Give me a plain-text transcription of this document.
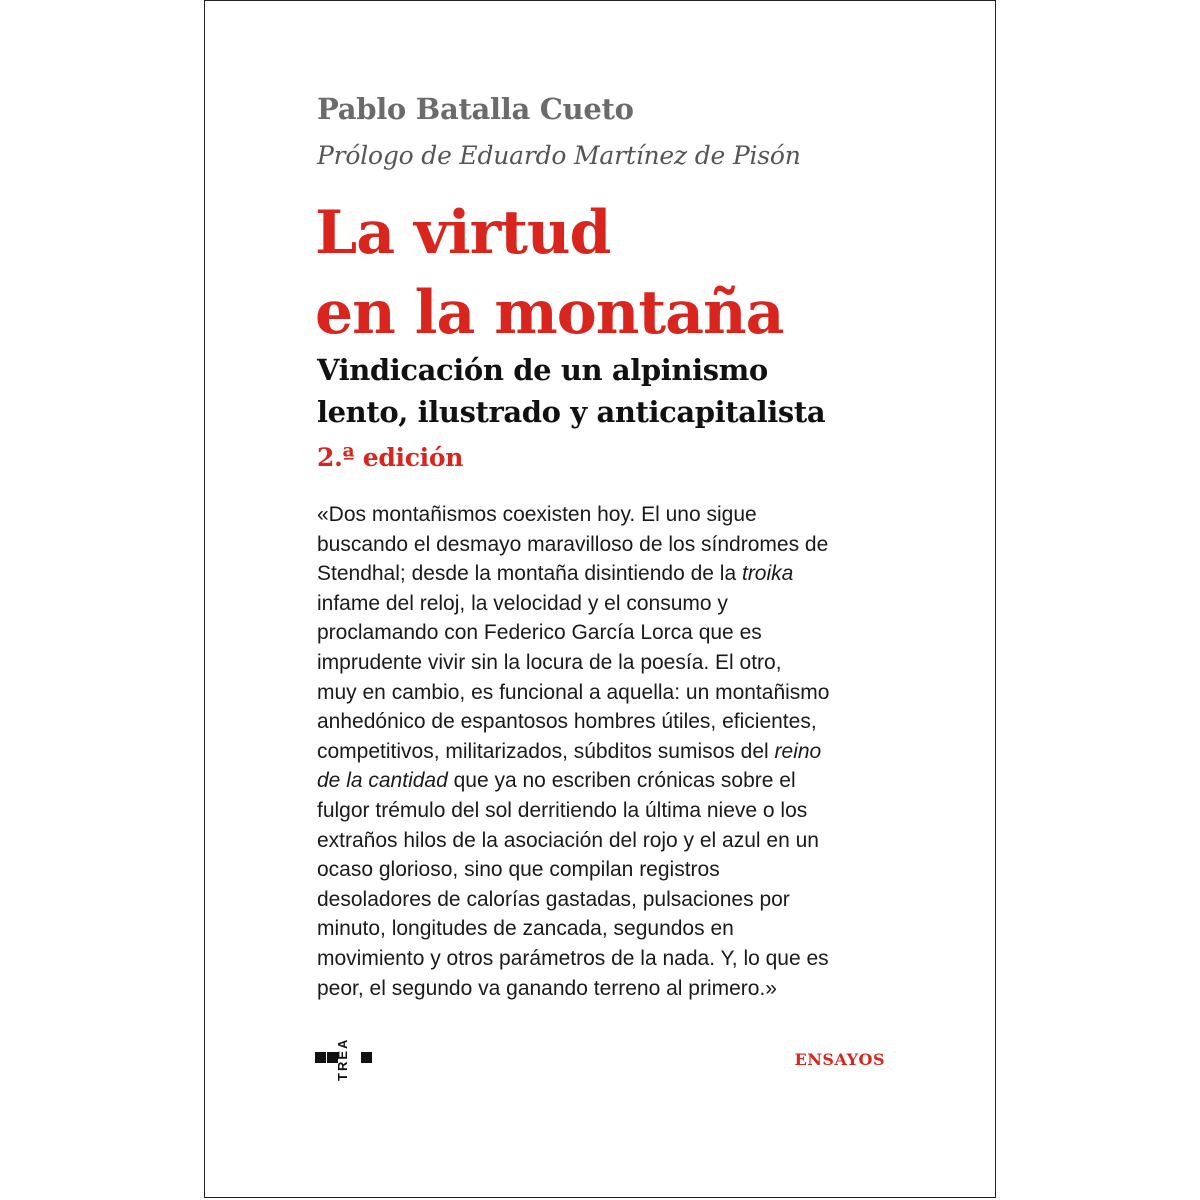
Pablo Batalla Cueto
Prólogo de Eduardo Martínez de Pisón
La virtud
en la montaña
Vindicación de un alpinismo
lento, ilustrado y anticapitalista
2.ª edición
«Dos montañismos coexisten hoy. El uno sigue
buscando el desmayo maravilloso de los síndromes de
Stendhal; desde la montaña disintiendo de la troika
infame del reloj, la velocidad y el consumo y
proclamando con Federico García Lorca que es
imprudente vivir sin la locura de la poesía. El otro,
muy en cambio, es funcional a aquella: un montañismo
anhedónico de espantosos hombres útiles, eficientes,
competitivos, militarizados, súbditos sumisos del reino
de la cantidad que ya no escriben crónicas sobre el
fulgor trémulo del sol derritiendo la última nieve o los
extraños hilos de la asociación del rojo y el azul en un
ocaso glorioso, sino que compilan registros
desoladores de calorías gastadas, pulsaciones por
minuto, longitudes de zancada, segundos en
movimiento y otros parámetros de la nada. Y, lo que es
peor, el segundo va ganando terreno al primero.»
TREA	ENSAYOS
